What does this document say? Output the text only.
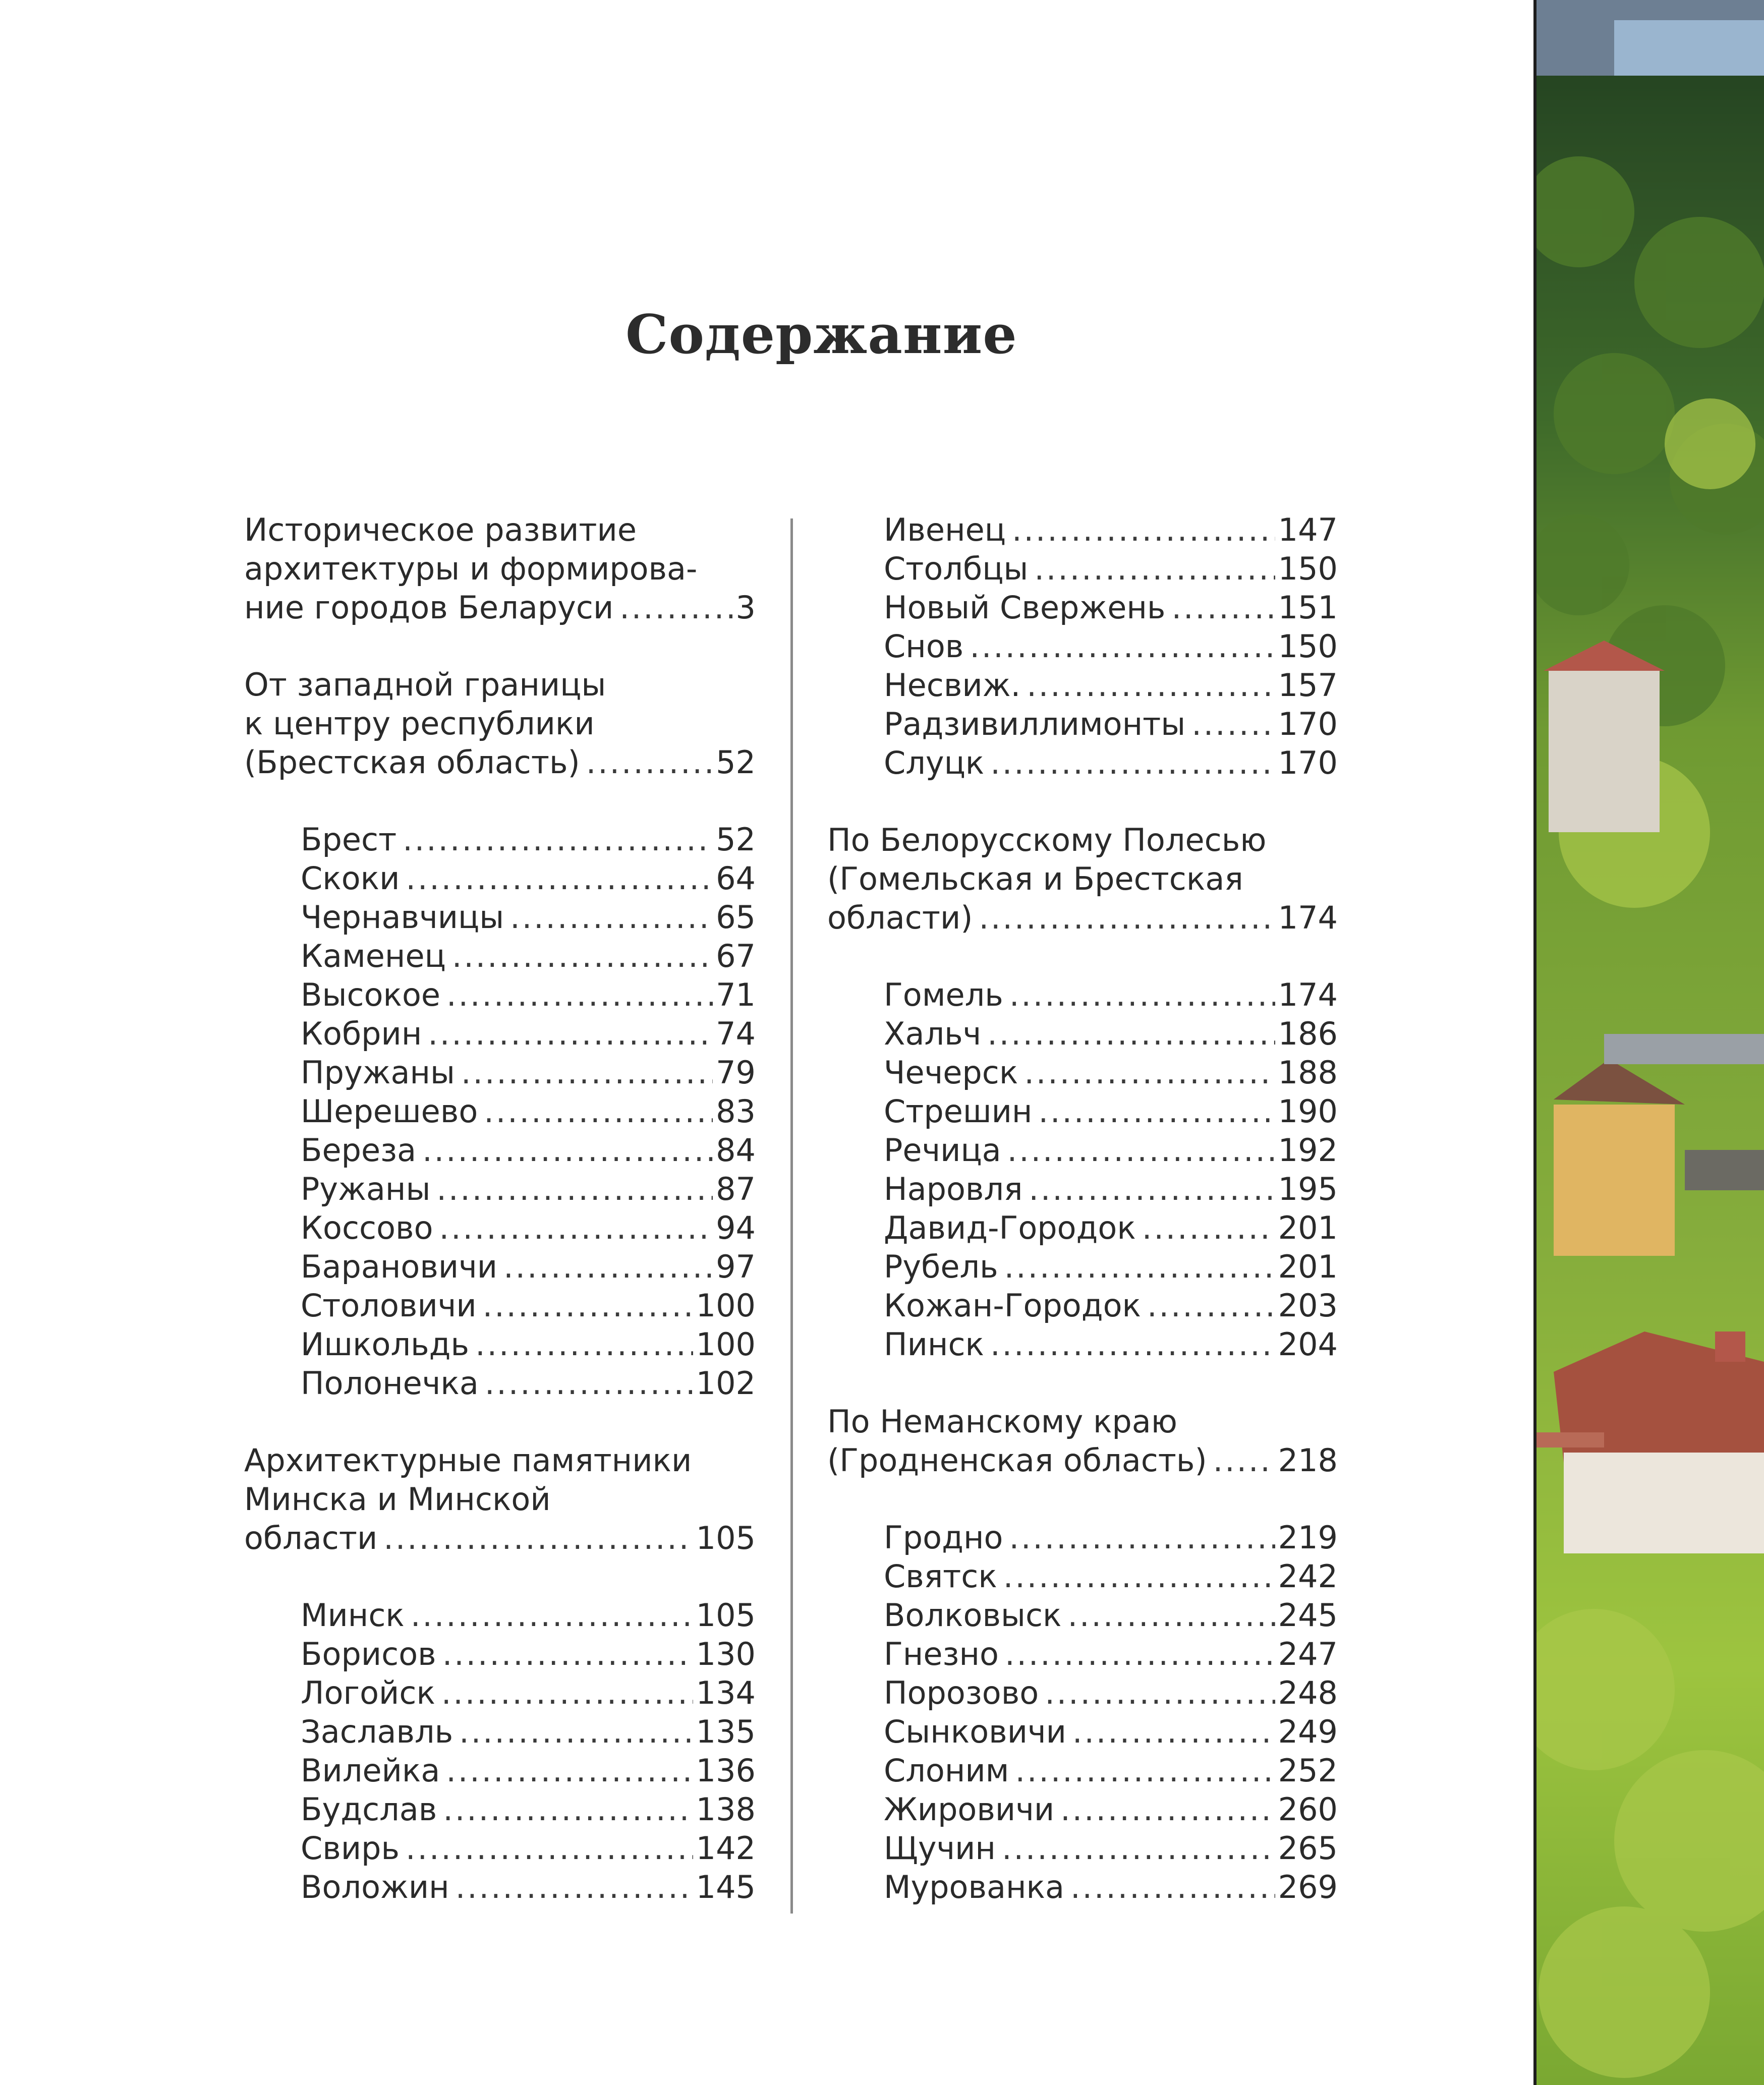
Содержание
Историческое развитие
архитектуры и формирова-
ние городов Беларуси . . .	3
От западной границы
к центру республики
(Брестская область) . . .	52
Брест . . .	52
Скоки . . .	64
Чернавчицы . . .	65
Каменец . . .	67
Высокое . . .	71
Кобрин . . .	74
Пружаны . . .	79
Шерешево . . .	83
Береза . . .	84
Ружаны . . .	87
Коссово . . .	94
Барановичи . . .	97
Столовичи . . .	100
Ишкольдь . . .	100
Полонечка . . .	102
Архитектурные памятники
Минска и Минской
области . . .	105
Минск . . .	105
Борисов . . .	130
Логойск . . .	134
Заславль . . .	135
Вилейка . . .	136
Будслав . . .	138
Свирь . . .	142
Воложин . . .	145
Ивенец . . .	147
Столбцы . . .	150
Новый Свержень . . .	151
Снов . . .	150
Несвиж. . . .	157
Радзивиллимонты . . .	170
Слуцк . . .	170
По Белорусскому Полесью
(Гомельская и Брестская
области) . . .	174
Гомель . . .	174
Хальч . . .	186
Чечерск . . .	188
Стрешин . . .	190
Речица . . .	192
Наровля . . .	195
Давид-Городок . . .	201
Рубель . . .	201
Кожан-Городок . . .	203
Пинск . . .	204
По Неманскому краю
(Гродненская область) . . . 218
Гродно . . .	219
Святск . . .	242
Волковыск . . .	245
Гнезно . . .	247
Порозово . . .	248
Сынковичи . . .	249
Слоним . . .	252
Жировичи . . .	260
Щучин . . .	265
Мурованка . . .	269
